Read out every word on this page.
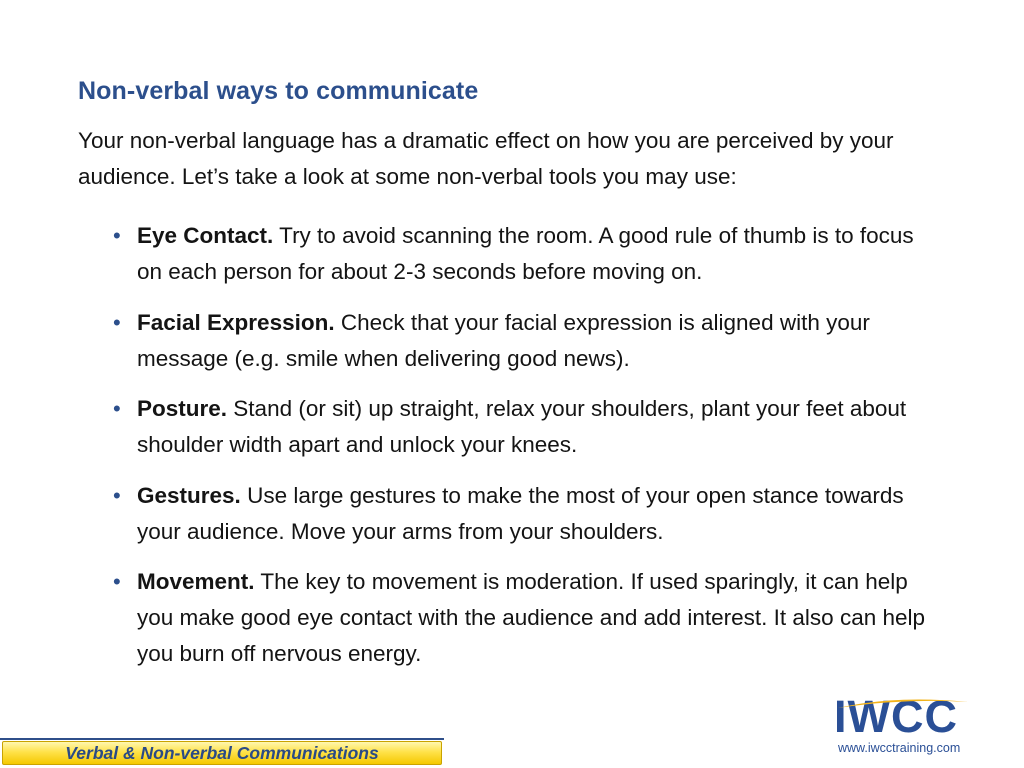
Non-verbal ways to communicate

Your non-verbal language has a dramatic effect on how you are perceived by your audience. Let’s take a look at some non-verbal tools you may use:

• Eye Contact. Try to avoid scanning the room. A good rule of thumb is to focus on each person for about 2-3 seconds before moving on.
• Facial Expression. Check that your facial expression is aligned with your message (e.g. smile when delivering good news).
• Posture. Stand (or sit) up straight, relax your shoulders, plant your feet about shoulder width apart and unlock your knees.
• Gestures. Use large gestures to make the most of your open stance towards your audience. Move your arms from your shoulders.
• Movement. The key to movement is moderation. If used sparingly, it can help you make good eye contact with the audience and add interest. It also can help you burn off nervous energy.
Verbal & Non-verbal Communications
IWCC
www.iwcctraining.com
